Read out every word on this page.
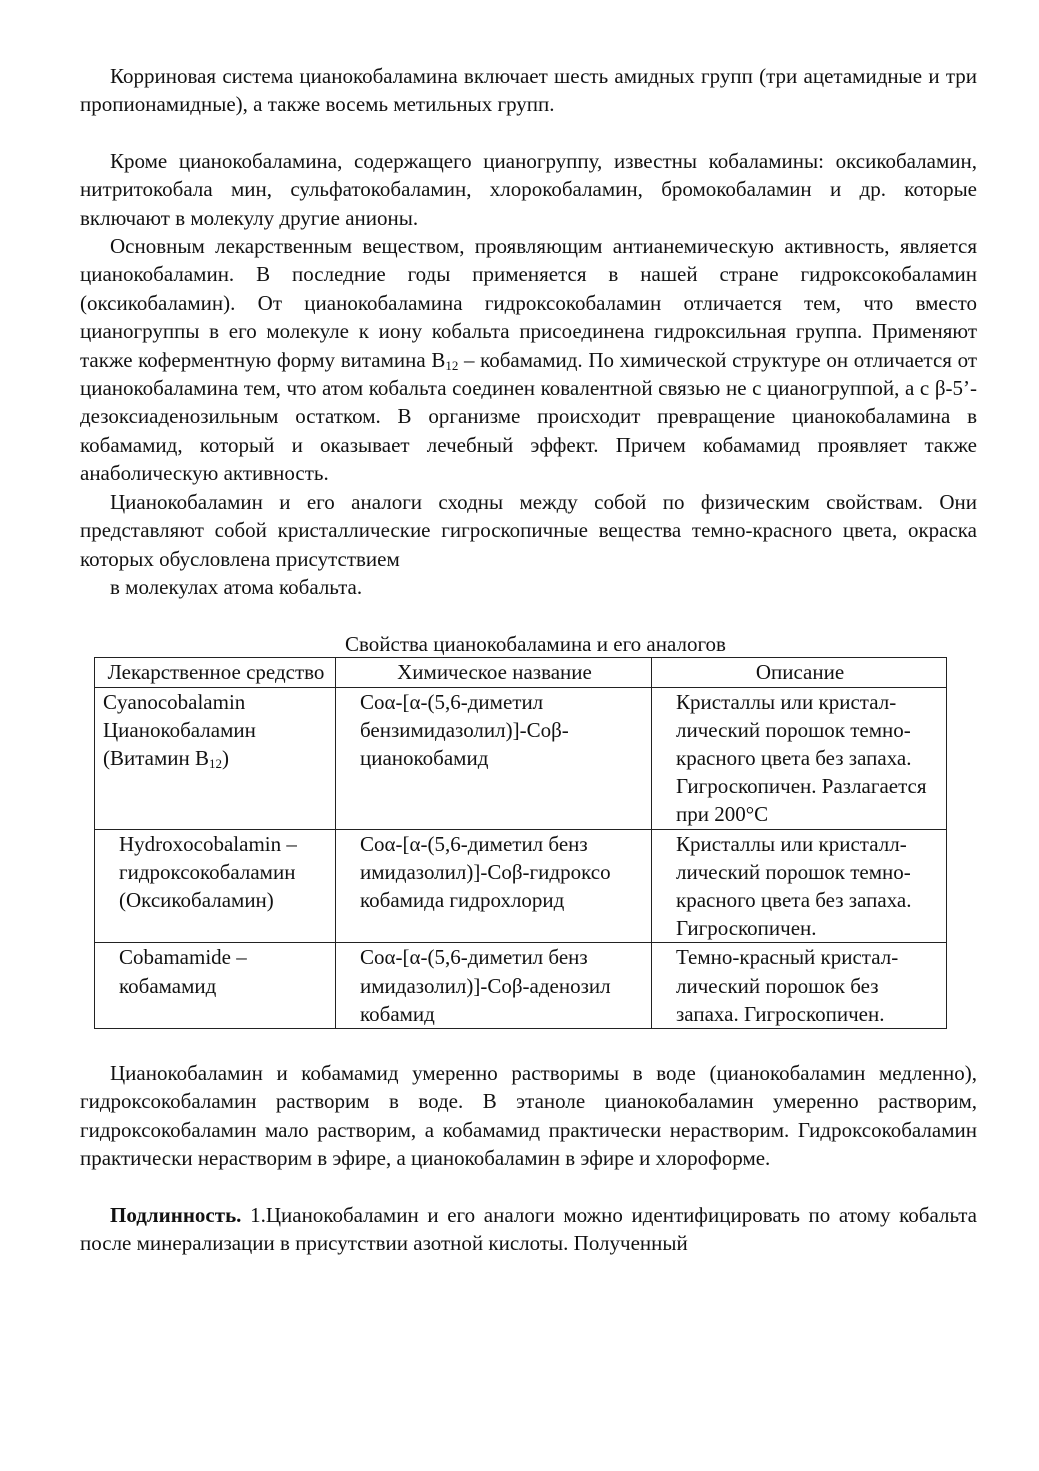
Корриновая система цианокобаламина включает шесть амидных групп (три ацетамидные и три пропионамидные), а также восемь метильных групп.

Кроме цианокобаламина, содержащего цианогруппу, известны кобаламины: оксикобаламин, нитритокобала мин, сульфатокобаламин, хлорокобаламин, бромокобаламин и др. которые включают в молекулу другие анионы.

Основным лекарственным веществом, проявляющим антианемическую активность, является цианокобаламин. В последние годы применяется в нашей стране гидроксокобаламин (оксикобаламин). От цианокобаламина гидроксокобаламин отличается тем, что вместо цианогруппы в его молекуле к иону кобальта присоединена гидроксильная группа. Применяют также коферментную форму витамина $В_{12}$ – кобамамид. По химической структуре он отличается от цианокобаламина тем, что атом кобальта соединен ковалентной связью не с цианогруппой, а с β-5’-дезоксиаденозильным остатком. В организме происходит превращение цианокобаламина в кобамамид, который и оказывает лечебный эффект. Причем кобамамид проявляет также анаболическую активность.

Цианокобаламин и его аналоги сходны между собой по физическим свойствам. Они представляют собой кристаллические гигроскопичные вещества темно-красного цвета, окраска которых обусловлена присутствием

в молекулах атома кобальта.

Свойства цианокобаламина и его аналогов
Лекарственное средство	Химическое название	Описание

Cyanocobalamin
Цианокобаламин
(Витамин $В_{12}$)	Coα-[α-(5,6-диметил бензимидазолил)]-Coβ-цианокобамид	Кристаллы или кристал-лический порошок темно-красного цвета без запаха. Гигроскопичен. Разлагается при 200°С
Hydroxocobalamin – гидроксокобаламин (Оксикобаламин)	Coα-[α-(5,6-диметил бенз имидазолил)]-Coβ-гидроксо кобамида гидрохлорид	Кристаллы или кристалл-лический порошок темно-красного цвета без запаха. Гигроскопичен.
Cobamamide – кобамамид	Coα-[α-(5,6-диметил бенз имидазолил)]-Coβ-аденозил кобамид	Темно-красный кристал-лический порошок без запаха. Гигроскопичен.

Цианокобаламин и кобамамид умеренно растворимы в воде (цианокобаламин медленно), гидроксокобаламин растворим в воде. В этаноле цианокобаламин умеренно растворим, гидроксокобаламин мало растворим, а кобамамид практически нерастворим. Гидроксокобаламин практически нерастворим в эфире, а цианокобаламин в эфире и хлороформе.

Подлинность. 1.Цианокобаламин и его аналоги можно идентифицировать по атому кобальта после минерализации в присутствии азотной кислоты. Полученный
